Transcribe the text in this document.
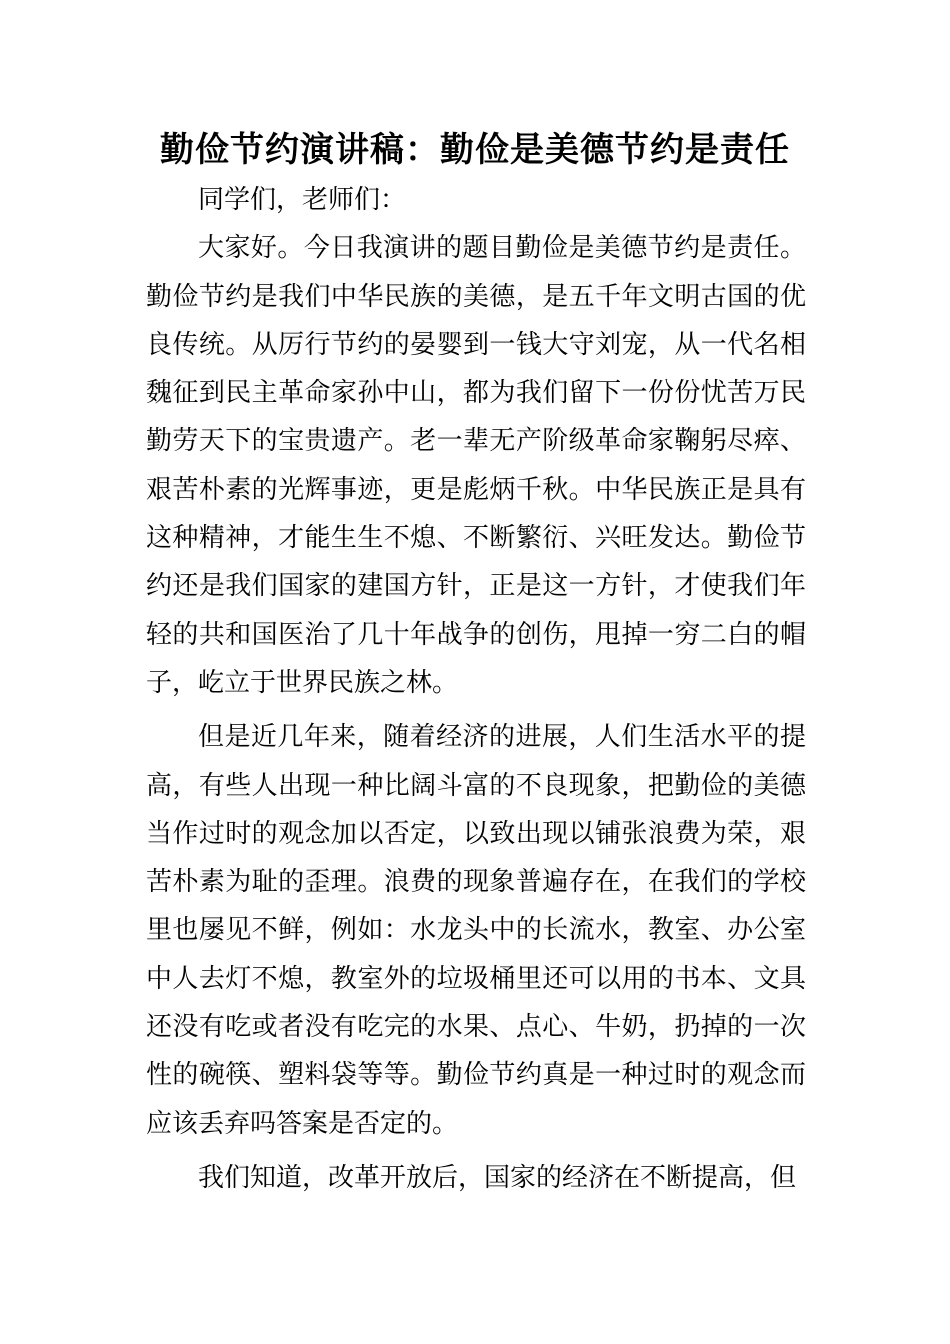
勤俭节约演讲稿：勤俭是美德节约是责任

同学们，老师们：

大家好。今日我演讲的题目勤俭是美德节约是责任。勤俭节约是我们中华民族的美德，是五千年文明古国的优良传统。从厉行节约的晏婴到一钱大守刘宠，从一代名相魏征到民主革命家孙中山，都为我们留下一份份忧苦万民勤劳天下的宝贵遗产。老一辈无产阶级革命家鞠躬尽瘁、艰苦朴素的光辉事迹，更是彪炳千秋。中华民族正是具有这种精神，才能生生不熄、不断繁衍、兴旺发达。勤俭节约还是我们国家的建国方针，正是这一方针，才使我们年轻的共和国医治了几十年战争的创伤，甩掉一穷二白的帽子，屹立于世界民族之林。

但是近几年来，随着经济的进展，人们生活水平的提高，有些人出现一种比阔斗富的不良现象，把勤俭的美德当作过时的观念加以否定，以致出现以铺张浪费为荣，艰苦朴素为耻的歪理。浪费的现象普遍存在，在我们的学校里也屡见不鲜，例如：水龙头中的长流水，教室、办公室中人去灯不熄，教室外的垃圾桶里还可以用的书本、文具还没有吃或者没有吃完的水果、点心、牛奶，扔掉的一次性的碗筷、塑料袋等等。勤俭节约真是一种过时的观念而应该丢弃吗答案是否定的。

我们知道，改革开放后，国家的经济在不断提高，但
